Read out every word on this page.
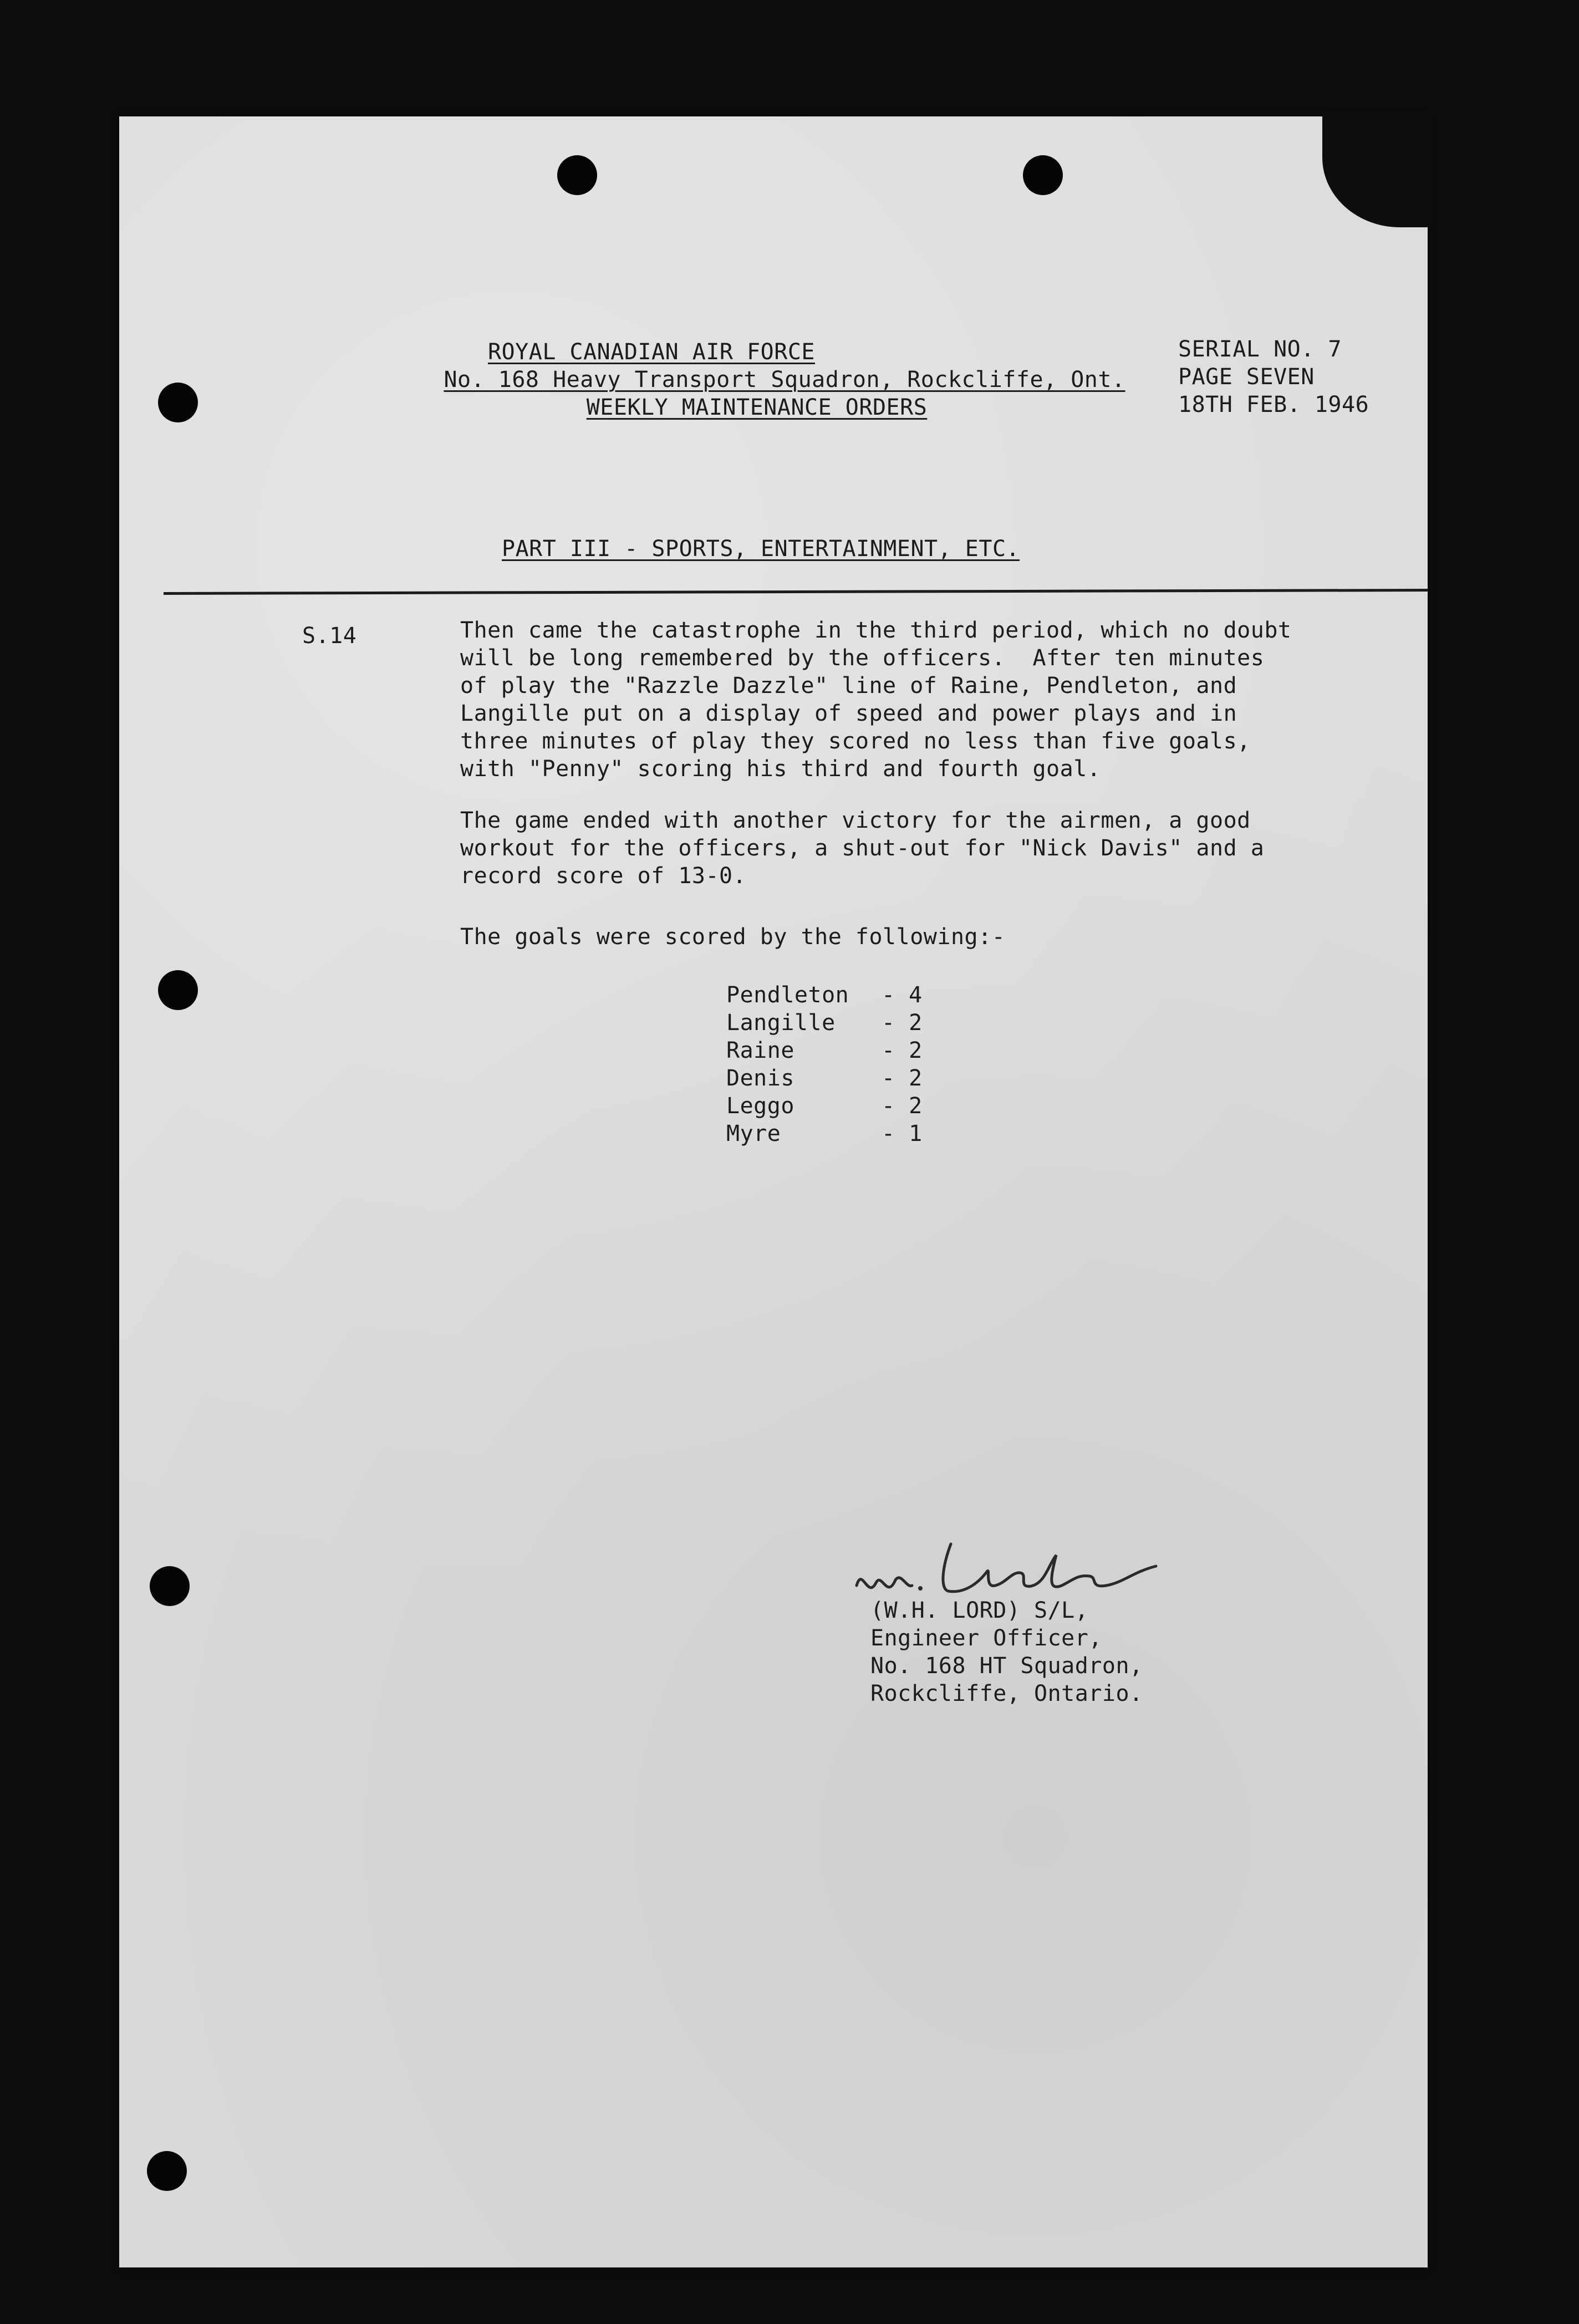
ROYAL CANADIAN AIR FORCE
No. 168 Heavy Transport Squadron, Rockcliffe, Ont.
WEEKLY MAINTENANCE ORDERS
SERIAL NO. 7
PAGE SEVEN
18TH FEB. 1946
PART III - SPORTS, ENTERTAINMENT, ETC.
S.14	Then came the catastrophe in the third period, which no doubt
will be long remembered by the officers.  After ten minutes
of play the "Razzle Dazzle" line of Raine, Pendleton, and
Langille put on a display of speed and power plays and in
three minutes of play they scored no less than five goals,
with "Penny" scoring his third and fourth goal.
The game ended with another victory for the airmen, a good
workout for the officers, a shut-out for "Nick Davis" and a
record score of 13-0.
The goals were scored by the following:-
Pendleton	- 4
Langille	- 2
Raine	- 2
Denis	- 2
Leggo	- 2
Myre	- 1
(W.H. LORD) S/L,
Engineer Officer,
No. 168 HT Squadron,
Rockcliffe, Ontario.
